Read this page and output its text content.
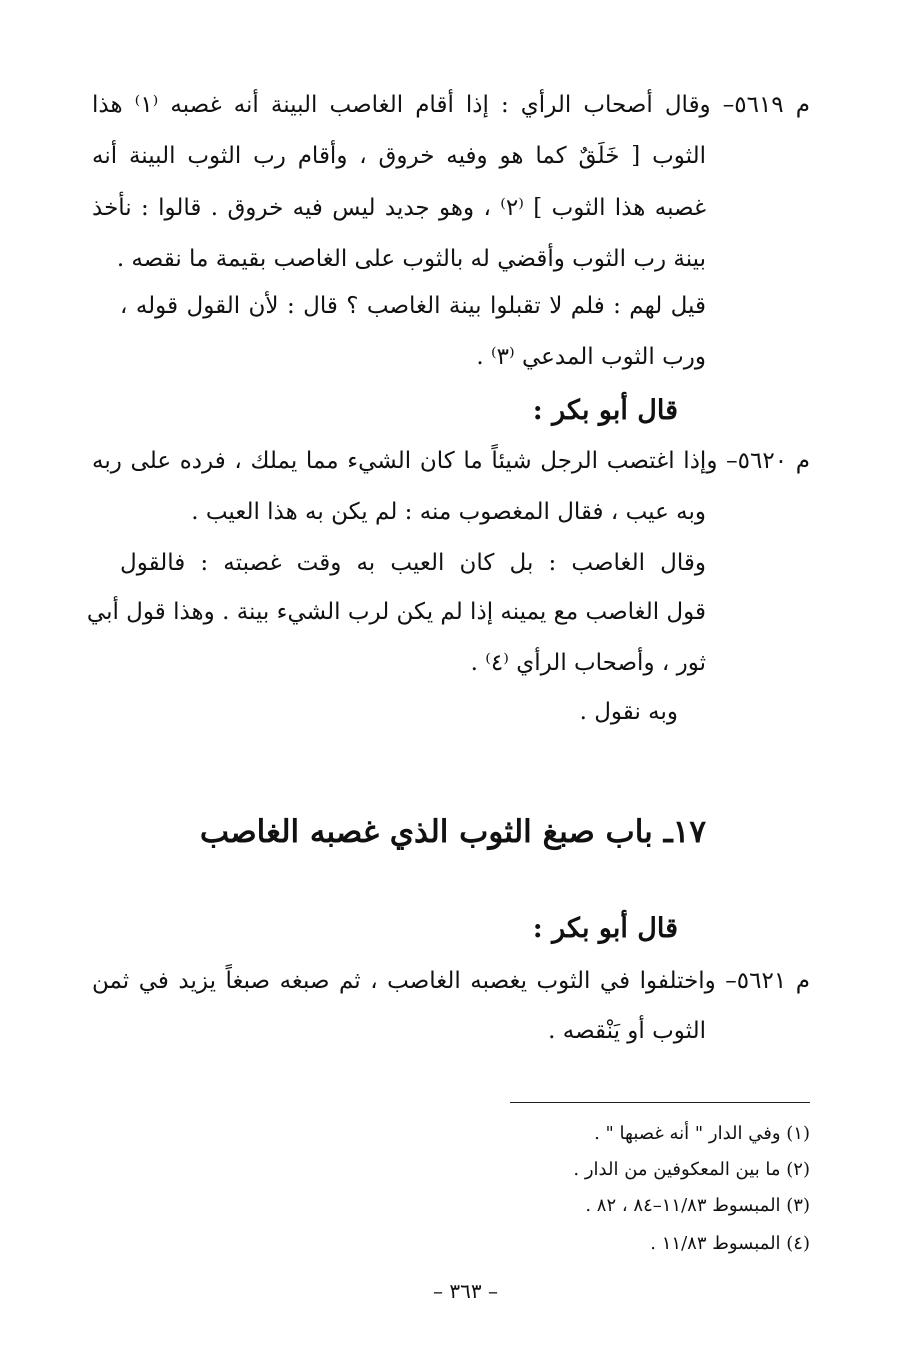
م ٥٦١٩– وقال أصحاب الرأي : إذا أقام الغاصب البينة أنه غصبه ⁽١⁾ هذا
الثوب [ خَلَقٌ كما هو وفيه خروق ، وأقام رب الثوب البينة أنه
غصبه هذا الثوب ] ⁽٢⁾ ، وهو جديد ليس فيه خروق . قالوا : نأخذ
بينة رب الثوب وأقضي له بالثوب على الغاصب بقيمة ما نقصه .
قيل لهم : فلم لا تقبلوا بينة الغاصب ؟ قال : لأن القول قوله ،
ورب الثوب المدعي ⁽٣⁾ .
قال أبو بكر :
م ٥٦٢٠– وإذا اغتصب الرجل شيئاً ما كان الشيء مما يملك ، فرده على ربه
وبه عيب ، فقال المغصوب منه : لم يكن به هذا العيب .
وقال الغاصب : بل كان العيب به وقت غصبته : فالقول
قول الغاصب مع يمينه إذا لم يكن لرب الشيء بينة . وهذا قول أبي
ثور ، وأصحاب الرأي ⁽٤⁾ .
وبه نقول .
١٧ـ باب صبغ الثوب الذي غصبه الغاصب
قال أبو بكر :
م ٥٦٢١– واختلفوا في الثوب يغصبه الغاصب ، ثم صبغه صبغاً يزيد في ثمن
الثوب أو يَنْقصه .
(١) وفي الدار " أنه غصبها " .
(٢) ما بين المعكوفين من الدار .
(٣) المبسوط ١١/٨٣–٨٤ ، ٨٢ .
(٤) المبسوط ١١/٨٣ .
– ٣٦٣ –
